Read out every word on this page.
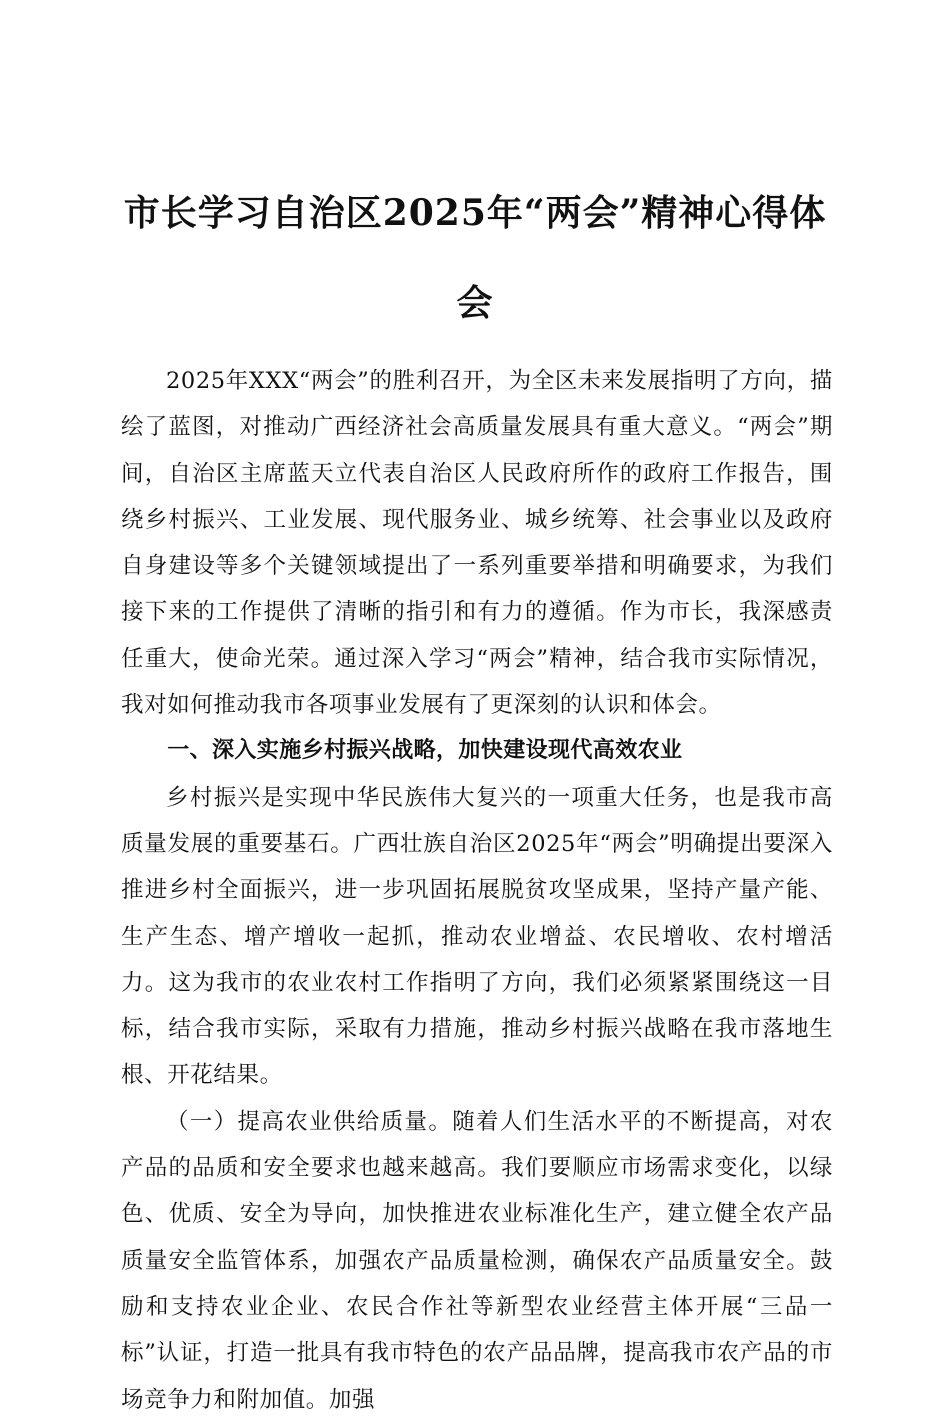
市长学习自治区2025年“两会”精神心得体会

2025年XXX“两会”的胜利召开，为全区未来发展指明了方向，描绘了蓝图，对推动广西经济社会高质量发展具有重大意义。“两会”期间，自治区主席蓝天立代表自治区人民政府所作的政府工作报告，围绕乡村振兴、工业发展、现代服务业、城乡统筹、社会事业以及政府自身建设等多个关键领域提出了一系列重要举措和明确要求，为我们接下来的工作提供了清晰的指引和有力的遵循。作为市长，我深感责任重大，使命光荣。通过深入学习“两会”精神，结合我市实际情况，我对如何推动我市各项事业发展有了更深刻的认识和体会。

一、深入实施乡村振兴战略，加快建设现代高效农业

乡村振兴是实现中华民族伟大复兴的一项重大任务，也是我市高质量发展的重要基石。广西壮族自治区2025年“两会”明确提出要深入推进乡村全面振兴，进一步巩固拓展脱贫攻坚成果，坚持产量产能、生产生态、增产增收一起抓，推动农业增益、农民增收、农村增活力。这为我市的农业农村工作指明了方向，我们必须紧紧围绕这一目标，结合我市实际，采取有力措施，推动乡村振兴战略在我市落地生根、开花结果。

（一）提高农业供给质量。随着人们生活水平的不断提高，对农产品的品质和安全要求也越来越高。我们要顺应市场需求变化，以绿色、优质、安全为导向，加快推进农业标准化生产，建立健全农产品质量安全监管体系，加强农产品质量检测，确保农产品质量安全。鼓励和支持农业企业、农民合作社等新型农业经营主体开展“三品一标”认证，打造一批具有我市特色的农产品品牌，提高我市农产品的市场竞争力和附加值。加强
